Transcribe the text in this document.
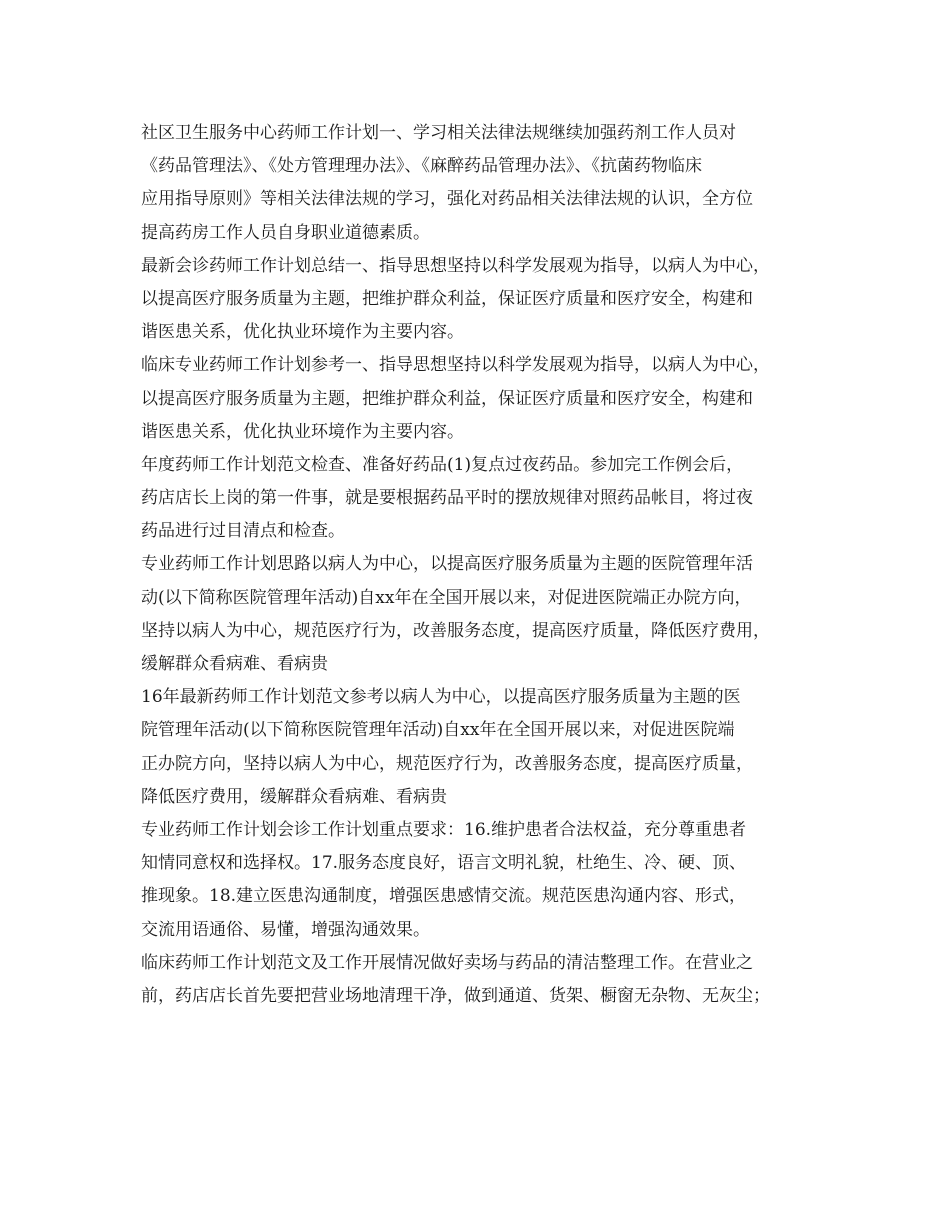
社区卫生服务中心药师工作计划一、学习相关法律法规继续加强药剂工作人员对
《药品管理法》、《处方管理理办法》、《麻醉药品管理办法》、《抗菌药物临床
应用指导原则》等相关法律法规的学习，强化对药品相关法律法规的认识，全方位
提高药房工作人员自身职业道德素质。
最新会诊药师工作计划总结一、指导思想坚持以科学发展观为指导，以病人为中心，
以提高医疗服务质量为主题，把维护群众利益，保证医疗质量和医疗安全，构建和
谐医患关系，优化执业环境作为主要内容。
临床专业药师工作计划参考一、指导思想坚持以科学发展观为指导，以病人为中心，
以提高医疗服务质量为主题，把维护群众利益，保证医疗质量和医疗安全，构建和
谐医患关系，优化执业环境作为主要内容。
年度药师工作计划范文检查、准备好药品(1)复点过夜药品。参加完工作例会后，
药店店长上岗的第一件事，就是要根据药品平时的摆放规律对照药品帐目，将过夜
药品进行过目清点和检查。
专业药师工作计划思路以病人为中心，以提高医疗服务质量为主题的医院管理年活
动(以下简称医院管理年活动)自xx年在全国开展以来，对促进医院端正办院方向，
坚持以病人为中心，规范医疗行为，改善服务态度，提高医疗质量，降低医疗费用，
缓解群众看病难、看病贵
16年最新药师工作计划范文参考以病人为中心，以提高医疗服务质量为主题的医
院管理年活动(以下简称医院管理年活动)自xx年在全国开展以来，对促进医院端
正办院方向，坚持以病人为中心，规范医疗行为，改善服务态度，提高医疗质量，
降低医疗费用，缓解群众看病难、看病贵
专业药师工作计划会诊工作计划重点要求：16.维护患者合法权益，充分尊重患者
知情同意权和选择权。17.服务态度良好，语言文明礼貌，杜绝生、冷、硬、顶、
推现象。18.建立医患沟通制度，增强医患感情交流。规范医患沟通内容、形式，
交流用语通俗、易懂，增强沟通效果。
临床药师工作计划范文及工作开展情况做好卖场与药品的清洁整理工作。在营业之
前，药店店长首先要把营业场地清理干净，做到通道、货架、橱窗无杂物、无灰尘；
